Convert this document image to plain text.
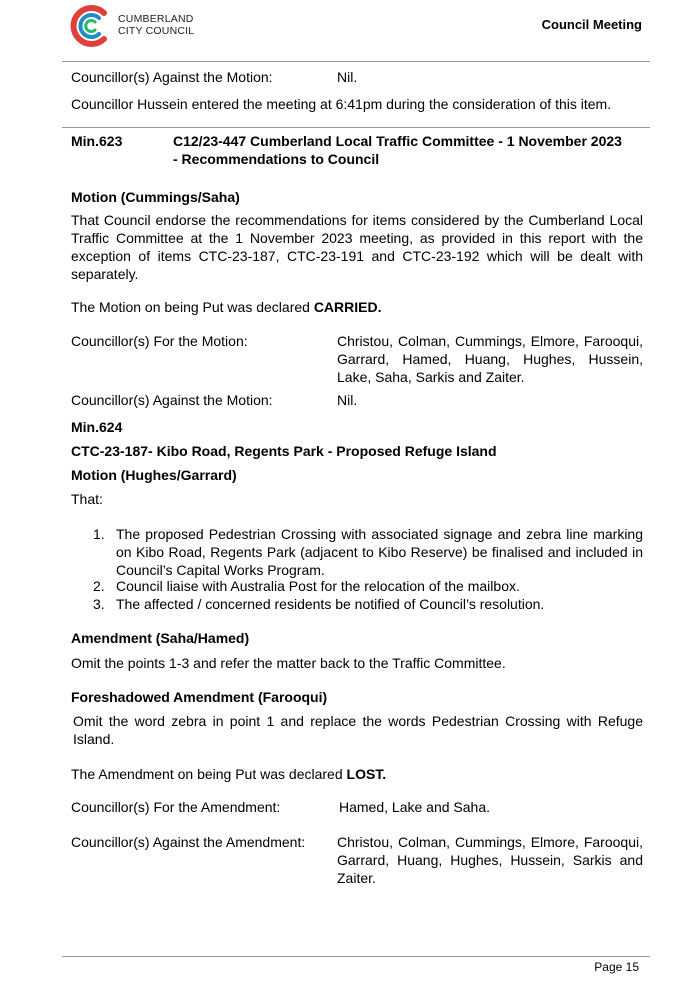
CUMBERLAND
CITY COUNCIL	Council Meeting
Councillor(s) Against the Motion:	Nil.
Councillor Hussein entered the meeting at 6:41pm during the consideration of this item.
Min.623	C12/23-447 Cumberland Local Traffic Committee - 1 November 2023
- Recommendations to Council
Motion (Cummings/Saha)
That Council endorse the recommendations for items considered by the Cumberland Local Traffic Committee at the 1 November 2023 meeting, as provided in this report with the exception of items CTC-23-187, CTC-23-191 and CTC-23-192 which will be dealt with separately.
The Motion on being Put was declared CARRIED.
Councillor(s) For the Motion:	Christou, Colman, Cummings, Elmore, Farooqui, Garrard, Hamed, Huang, Hughes, Hussein, Lake, Saha, Sarkis and Zaiter.
Councillor(s) Against the Motion:	Nil.
Min.624
CTC-23-187- Kibo Road, Regents Park - Proposed Refuge Island
Motion (Hughes/Garrard)
That:
1. The proposed Pedestrian Crossing with associated signage and zebra line marking on Kibo Road, Regents Park (adjacent to Kibo Reserve) be finalised and included in Council’s Capital Works Program.
2. Council liaise with Australia Post for the relocation of the mailbox.
3. The affected / concerned residents be notified of Council’s resolution.
Amendment (Saha/Hamed)
Omit the points 1-3 and refer the matter back to the Traffic Committee.
Foreshadowed Amendment (Farooqui)
Omit the word zebra in point 1 and replace the words Pedestrian Crossing with Refuge Island.
The Amendment on being Put was declared LOST.
Councillor(s) For the Amendment:	Hamed, Lake and Saha.
Councillor(s) Against the Amendment: Christou, Colman, Cummings, Elmore, Farooqui, Garrard, Huang, Hughes, Hussein, Sarkis and Zaiter.
Page 15
